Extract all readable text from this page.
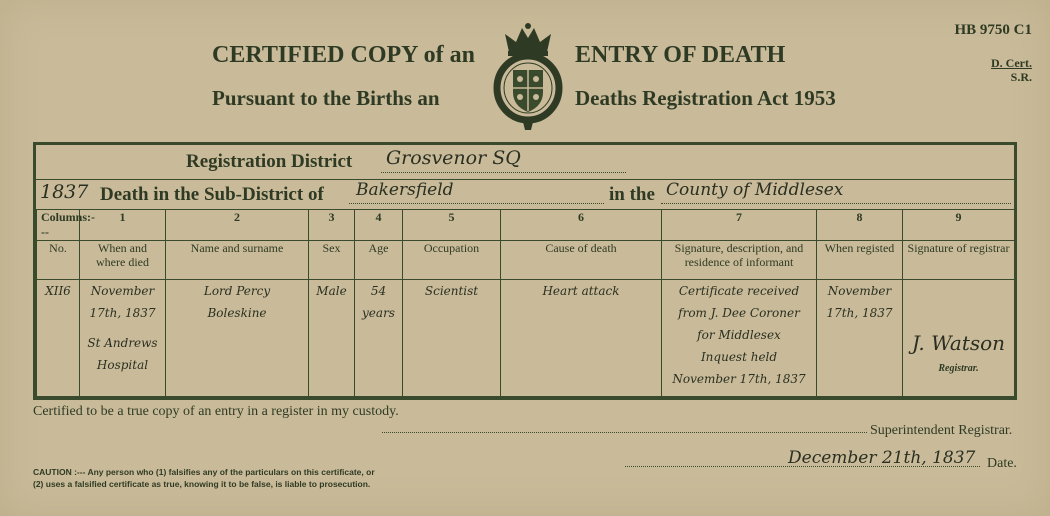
HB 9750 C1
D. Cert.
S.R.
CERTIFIED COPY of an	ENTRY OF DEATH
Pursuant to the Births an	Deaths Registration Act 1953
Registration District Grosvenor SQ
1837 Death in the Sub-District of Bakersfield	in the County of Middlesex
Columns:---	1	2	3	4	5	6	7	8	9
No.	When and where died	Name and surname	Sex	Age	Occupation	Cause of death	Signature, description, and residence of informant	When registed	Signature of registrar
XII6	November
17th, 1837
St Andrews
Hospital	Lord Percy
Boleskine	Male	54
years	Scientist	Heart attack	Certificate received
from J. Dee Coroner
for Middlesex
Inquest held
November 17th, 1837	November
17th, 1837	J. Watson
Registrar.
Certified to be a true copy of an entry in a register in my custody.
Superintendent Registrar.
December 21th, 1837 Date.
CAUTION :--- Any person who (1) falsifies any of the particulars on this certificate, or
(2) uses a falsified certificate as true, knowing it to be false, is liable to prosecution.
